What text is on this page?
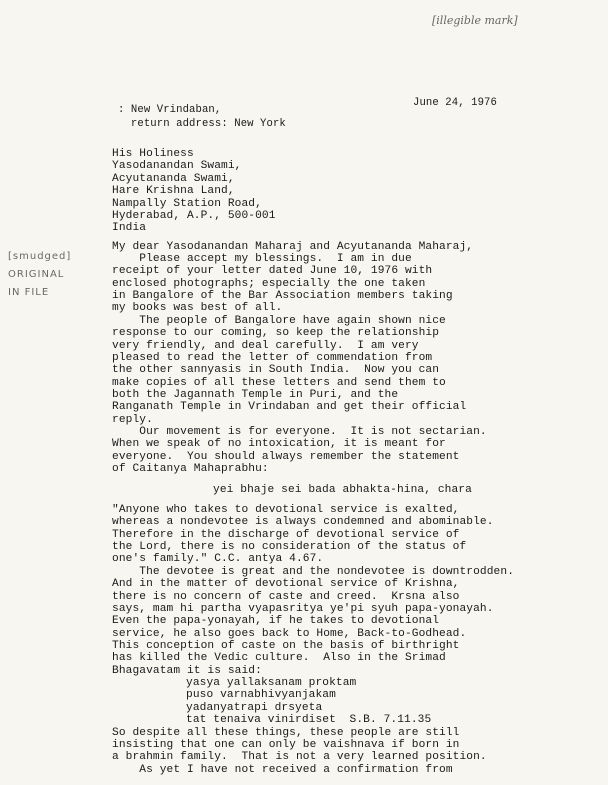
[illegible mark]
[smudged]
ORIGINAL
IN FILE
June 24, 1976
: New Vrindaban,
return address: New York
His Holiness
Yasodanandan Swami,
Acyutananda Swami,
Hare Krishna Land,
Nampally Station Road,
Hyderabad, A.P., 500-001
India
My dear Yasodanandan Maharaj and Acyutananda Maharaj,
Please accept my blessings.  I am in due
receipt of your letter dated June 10, 1976 with
enclosed photographs; especially the one taken
in Bangalore of the Bar Association members taking
my books was best of all.
The people of Bangalore have again shown nice
response to our coming, so keep the relationship
very friendly, and deal carefully.  I am very
pleased to read the letter of commendation from
the other sannyasis in South India.  Now you can
make copies of all these letters and send them to
both the Jagannath Temple in Puri, and the
Ranganath Temple in Vrindaban and get their official
reply.
Our movement is for everyone.  It is not sectarian.
When we speak of no intoxication, it is meant for
everyone.  You should always remember the statement
of Caitanya Mahaprabhu:
yei bhaje sei bada abhakta-hina, chara
"Anyone who takes to devotional service is exalted,
whereas a nondevotee is always condemned and abominable.
Therefore in the discharge of devotional service of
the Lord, there is no consideration of the status of
one's family." C.C. antya 4.67.
The devotee is great and the nondevotee is downtrodden.
And in the matter of devotional service of Krishna,
there is no concern of caste and creed.  Krsna also
says, mam hi partha vyapasritya ye'pi syuh papa-yonayah.
Even the papa-yonayah, if he takes to devotional
service, he also goes back to Home, Back-to-Godhead.
This conception of caste on the basis of birthright
has killed the Vedic culture.  Also in the Srimad
Bhagavatam it is said:
yasya yallaksanam proktam
puso varnabhivyanjakam
yadanyatrapi drsyeta
tat tenaiva vinirdiset  S.B. 7.11.35
So despite all these things, these people are still
insisting that one can only be vaishnava if born in
a brahmin family.  That is not a very learned position.
As yet I have not received a confirmation from
